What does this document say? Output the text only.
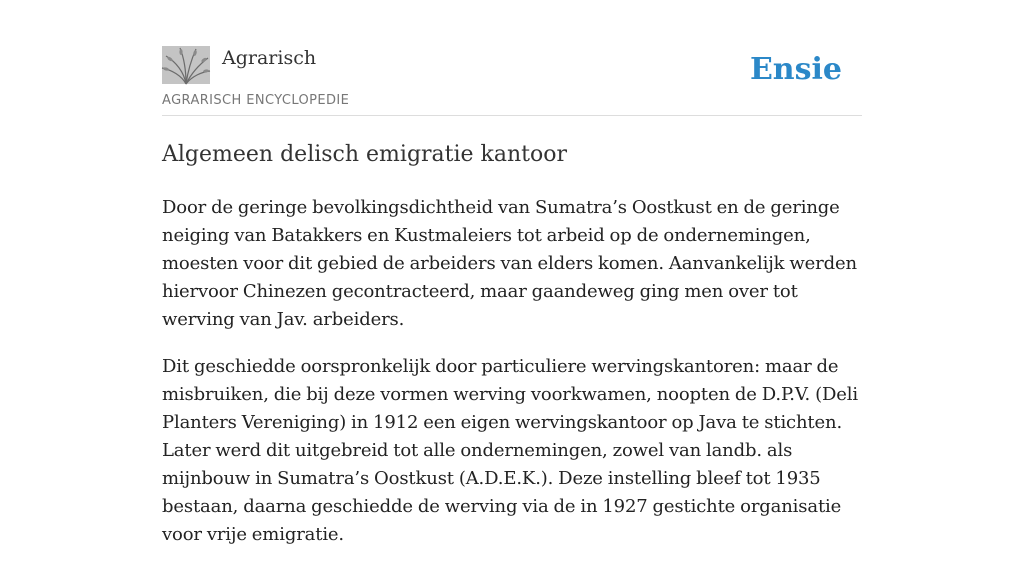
Agrarisch	Ensie
AGRARISCH ENCYCLOPEDIE
Algemeen delisch emigratie kantoor

Door de geringe bevolkingsdichtheid van Sumatra’s Oostkust en de geringe neiging van Batakkers en Kustmaleiers tot arbeid op de ondernemingen, moesten voor dit gebied de arbeiders van elders komen. Aanvankelijk werden hiervoor Chinezen gecontracteerd, maar gaandeweg ging men over tot werving van Jav. arbeiders.

Dit geschiedde oorspronkelijk door particuliere wervingskantoren: maar de misbruiken, die bij deze vormen werving voorkwamen, noopten de D.P.V. (Deli Planters Vereniging) in 1912 een eigen wervingskantoor op Java te stichten. Later werd dit uitgebreid tot alle ondernemingen, zowel van landb. als mijnbouw in Sumatra’s Oostkust (A.D.E.K.). Deze instelling bleef tot 1935 bestaan, daarna geschiedde de werving via de in 1927 gestichte organisatie voor vrije emigratie.
